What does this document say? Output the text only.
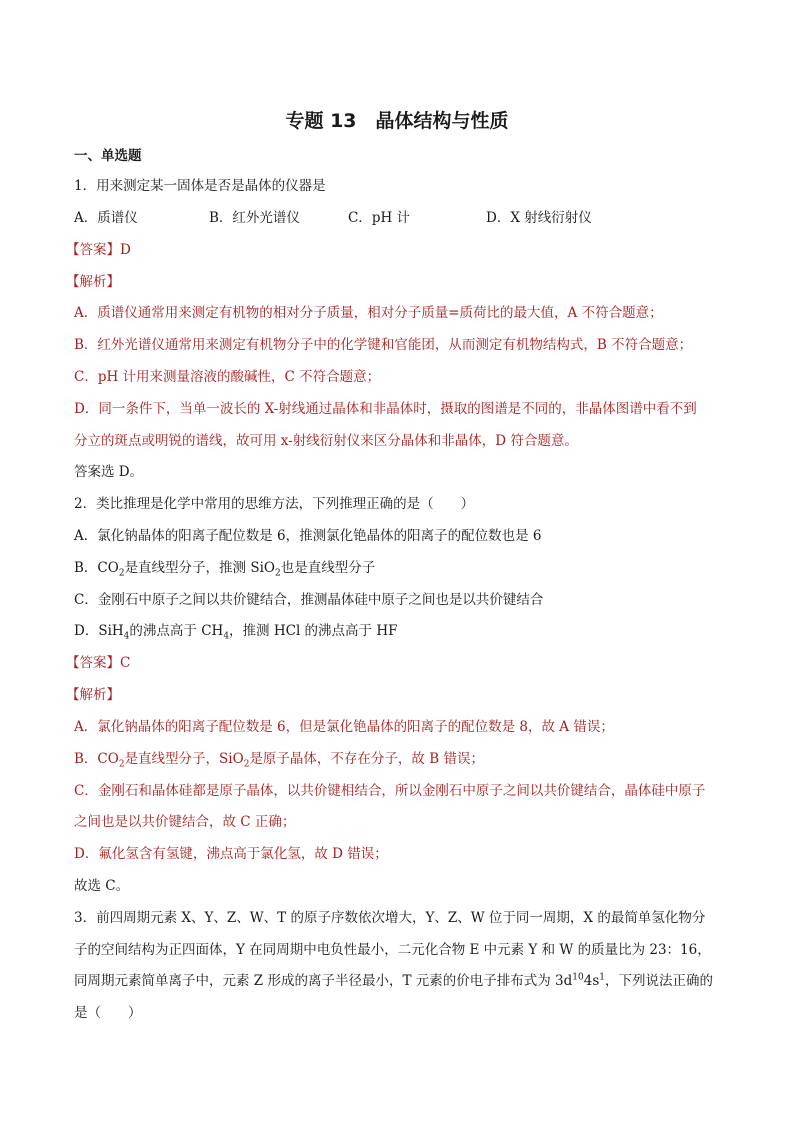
专题 13　晶体结构与性质
一、单选题
1．用来测定某一固体是否是晶体的仪器是
A．质谱仪	B．红外光谱仪	C．pH 计	D．X 射线衍射仪
【答案】D
【解析】
A．质谱仪通常用来测定有机物的相对分子质量，相对分子质量=质荷比的最大值，A 不符合题意；
B．红外光谱仪通常用来测定有机物分子中的化学键和官能团，从而测定有机物结构式，B 不符合题意；
C．pH 计用来测量溶液的酸碱性，C 不符合题意；
D．同一条件下，当单一波长的 X-射线通过晶体和非晶体时，摄取的图谱是不同的，非晶体图谱中看不到
分立的斑点或明锐的谱线，故可用 x-射线衍射仪来区分晶体和非晶体，D 符合题意。
答案选 D。
2．类比推理是化学中常用的思维方法，下列推理正确的是（　　）
A．氯化钠晶体的阳离子配位数是 6，推测氯化铯晶体的阳离子的配位数也是 6
B．$CO_2$是直线型分子，推测 SiO$_2$也是直线型分子
C．金刚石中原子之间以共价键结合，推测晶体硅中原子之间也是以共价键结合
D．SiH$_4$的沸点高于 $CH_4$，推测 HCl 的沸点高于 HF
【答案】C
【解析】
A．氯化钠晶体的阳离子配位数是 6，但是氯化铯晶体的阳离子的配位数是 8，故 A 错误；
B．$CO_2$是直线型分子，SiO$_2$是原子晶体，不存在分子，故 B 错误；
C．金刚石和晶体硅都是原子晶体，以共价键相结合，所以金刚石中原子之间以共价键结合，晶体硅中原子
之间也是以共价键结合，故 C 正确；
D．氟化氢含有氢键，沸点高于氯化氢，故 D 错误；
故选 C。
3．前四周期元素 X、Y、Z、W、T 的原子序数依次增大，Y、Z、W 位于同一周期，X 的最简单氢化物分
子的空间结构为正四面体，Y 在同周期中电负性最小，二元化合物 E 中元素 Y 和 W 的质量比为 23：16，
同周期元素简单离子中，元素 Z 形成的离子半径最小，T 元素的价电子排布式为 $3d^{10}4s^1$，下列说法正确的
是（　　）
